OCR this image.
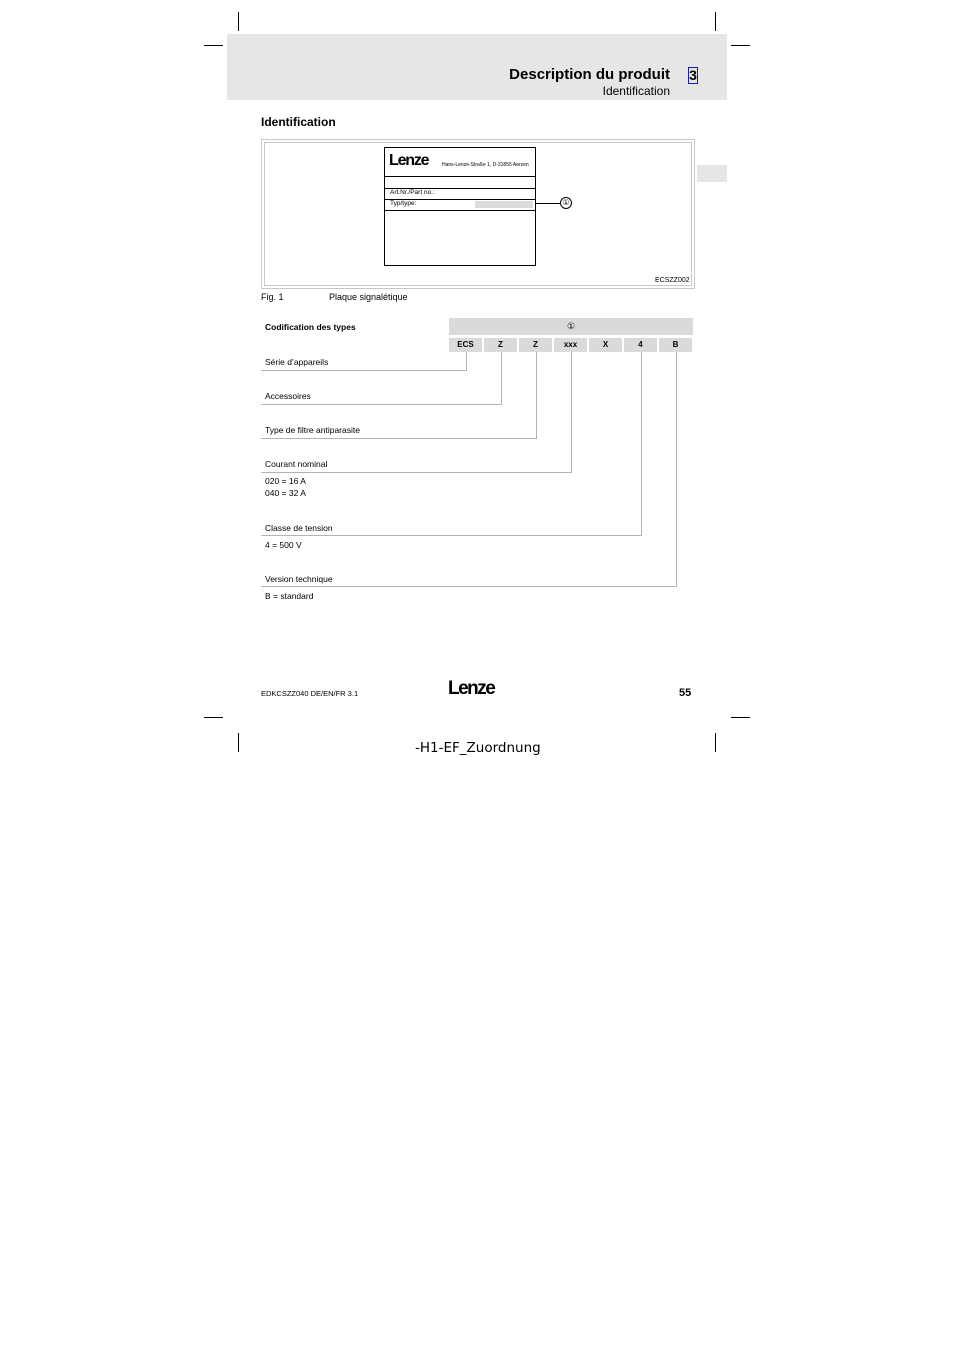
Description du produit 3
Identification
Identification
Lenze	Hans-Lenze-Straße 1, D-31855 Aerzen
Art.Nr./Part no.:
Typ/type:	①
ECSZZ002
Fig. 1	Plaque signalétique
Codification des types	①
ECS	Z	Z	xxx	X	4	B
Série d’appareils
Accessoires
Type de filtre antiparasite
Courant nominal
020 = 16 A
040 = 32 A
Classe de tension
4 = 500 V
Version technique
B = standard
EDKCSZZ040 DE/EN/FR 3.1	Lenze	55
-H1-EF_Zuordnung
